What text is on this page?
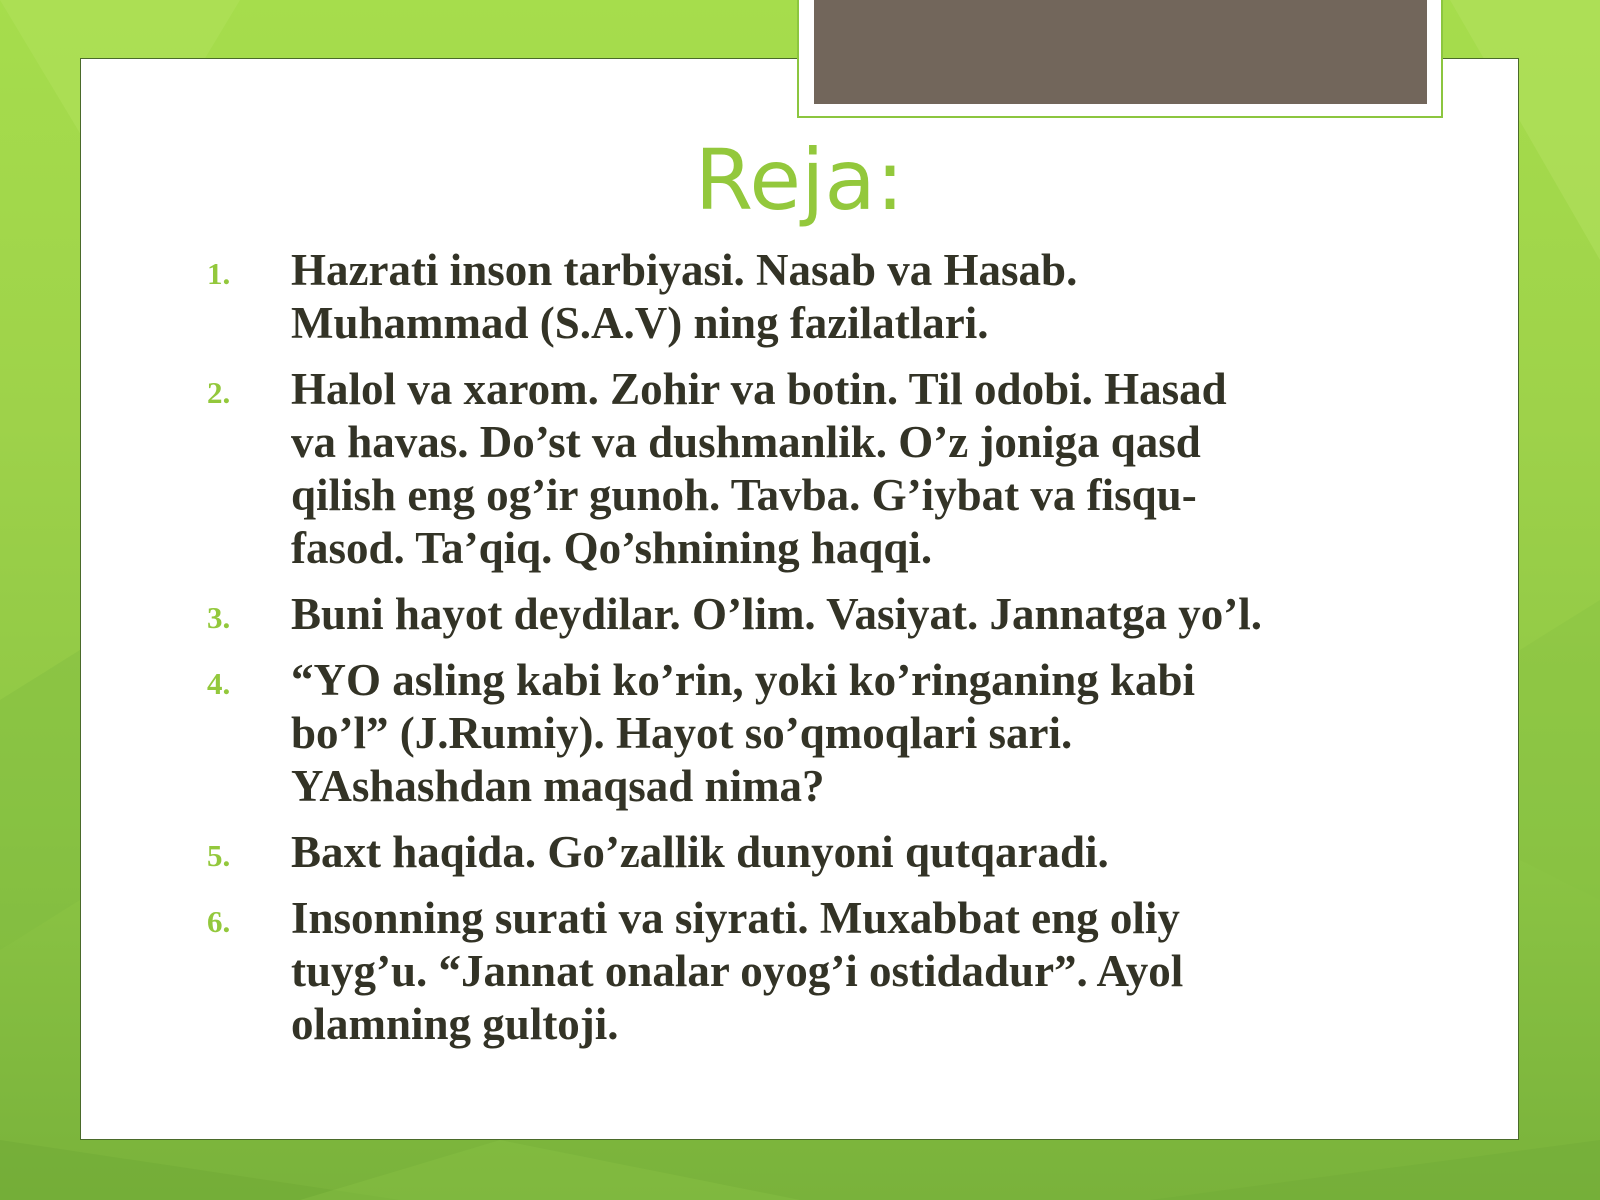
Reja:
1. Hazrati inson tarbiyasi. Nasab va Hasab.
Muhammad (S.A.V) ning fazilatlari.
2. Halol va xarom. Zohir va botin. Til odobi. Hasad
va havas. Do’st va dushmanlik. O’z joniga qasd
qilish eng og’ir gunoh. Tavba. G’iybat va fisqu-
fasod. Ta’qiq. Qo’shnining haqqi.
3. Buni hayot deydilar. O’lim. Vasiyat. Jannatga yo’l.
4. “YO asling kabi ko’rin, yoki ko’ringaning kabi
bo’l” (J.Rumiy). Hayot so’qmoqlari sari.
YAshashdan maqsad nima?
5. Baxt haqida. Go’zallik dunyoni qutqaradi.
6. Insonning surati va siyrati. Muxabbat eng oliy
tuyg’u. “Jannat onalar oyog’i ostidadur”. Ayol
olamning gultoji.
